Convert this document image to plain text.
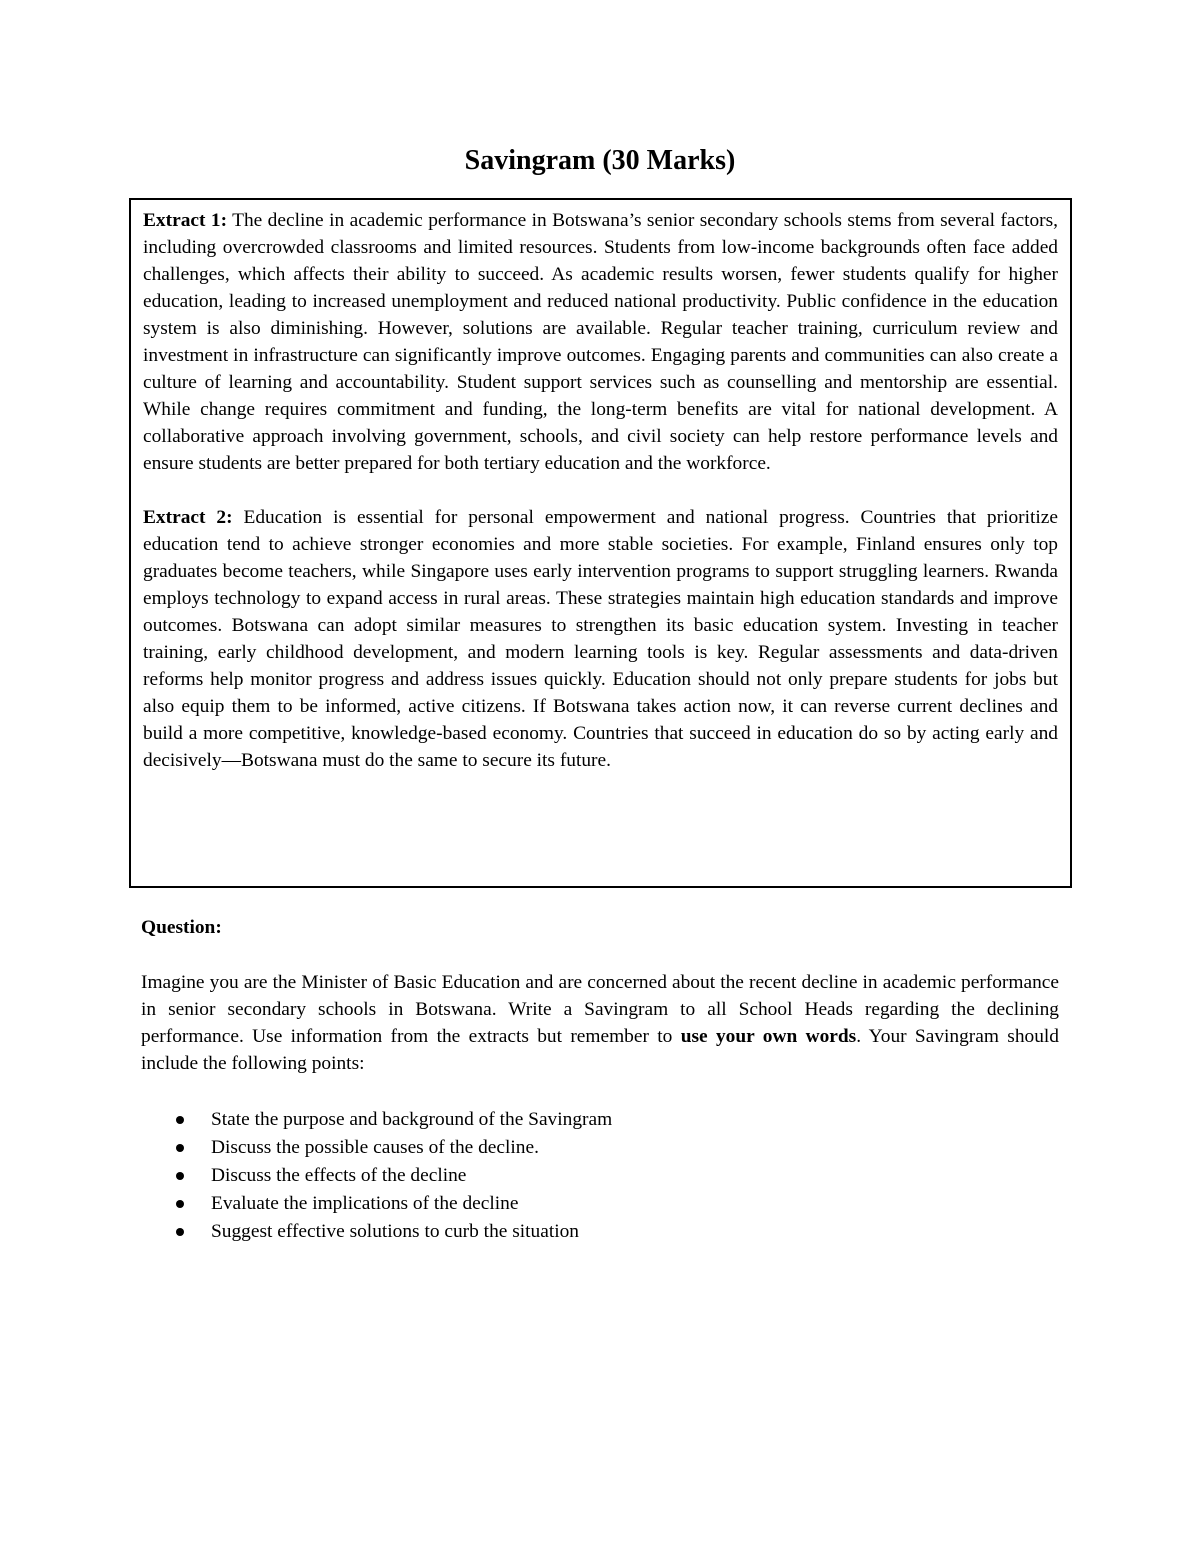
Savingram (30 Marks)

Extract 1: The decline in academic performance in Botswana’s senior secondary schools stems from several factors, including overcrowded classrooms and limited resources. Students from low-income backgrounds often face added challenges, which affects their ability to succeed. As academic results worsen, fewer students qualify for higher education, leading to increased unemployment and reduced national productivity. Public confidence in the education system is also diminishing. However, solutions are available. Regular teacher training, curriculum review and investment in infrastructure can significantly improve outcomes. Engaging parents and communities can also create a culture of learning and accountability. Student support services such as counselling and mentorship are essential. While change requires commitment and funding, the long-term benefits are vital for national development. A collaborative approach involving government, schools, and civil society can help restore performance levels and ensure students are better prepared for both tertiary education and the workforce.

Extract 2: Education is essential for personal empowerment and national progress. Countries that prioritize education tend to achieve stronger economies and more stable societies. For example, Finland ensures only top graduates become teachers, while Singapore uses early intervention programs to support struggling learners. Rwanda employs technology to expand access in rural areas. These strategies maintain high education standards and improve outcomes. Botswana can adopt similar measures to strengthen its basic education system. Investing in teacher training, early childhood development, and modern learning tools is key. Regular assessments and data-driven reforms help monitor progress and address issues quickly. Education should not only prepare students for jobs but also equip them to be informed, active citizens. If Botswana takes action now, it can reverse current declines and build a more competitive, knowledge-based economy. Countries that succeed in education do so by acting early and decisively—Botswana must do the same to secure its future.

Question:

Imagine you are the Minister of Basic Education and are concerned about the recent decline in academic performance in senior secondary schools in Botswana. Write a Savingram to all School Heads regarding the declining performance. Use information from the extracts but remember to use your own words. Your Savingram should include the following points:

State the purpose and background of the Savingram
Discuss the possible causes of the decline.
Discuss the effects of the decline
Evaluate the implications of the decline
Suggest effective solutions to curb the situation
